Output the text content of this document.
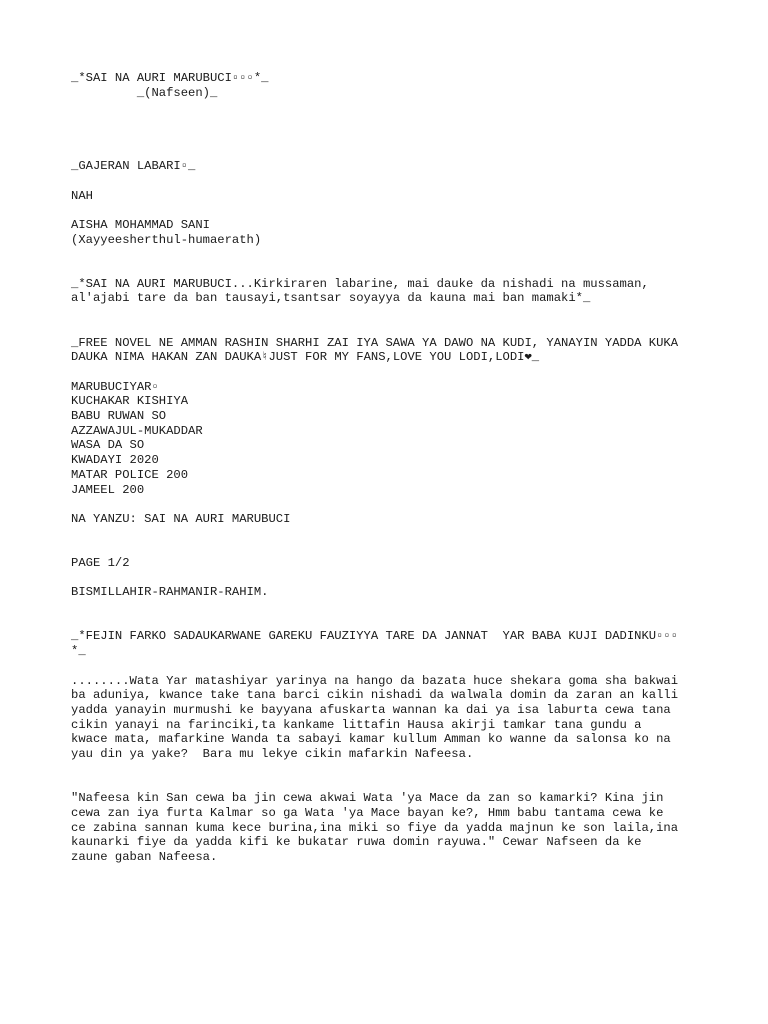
_*SAI NA AURI MARUBUCI▫▫▫*_
_(Nafseen)_
_GAJERAN LABARI▫_
NAH
AISHA MOHAMMAD SANI
(Xayyeesherthul-humaerath)
_*SAI NA AURI MARUBUCI...Kirkiraren labarine, mai dauke da nishadi na mussaman,
al'ajabi tare da ban tausayi,tsantsar soyayya da kauna mai ban mamaki*_
_FREE NOVEL NE AMMAN RASHIN SHARHI ZAI IYA SAWA YA DAWO NA KUDI, YANAYIN YADDA KUKA
DAUKA NIMA HAKAN ZAN DAUKA♮JUST FOR MY FANS,LOVE YOU LODI,LODI❤_
MARUBUCIYAR▫
KUCHAKAR KISHIYA
BABU RUWAN SO
AZZAWAJUL-MUKADDAR
WASA DA SO
KWADAYI 2020
MATAR POLICE 200
JAMEEL 200
NA YANZU: SAI NA AURI MARUBUCI
PAGE 1/2
BISMILLAHIR-RAHMANIR-RAHIM.
_*FEJIN FARKO SADAUKARWANE GAREKU FAUZIYYA TARE DA JANNAT  YAR BABA KUJI DADINKU▫▫▫
*_
........Wata Yar matashiyar yarinya na hango da bazata huce shekara goma sha bakwai
ba aduniya, kwance take tana barci cikin nishadi da walwala domin da zaran an kalli
yadda yanayin murmushi ke bayyana afuskarta wannan ka dai ya isa laburta cewa tana
cikin yanayi na farinciki,ta kankame littafin Hausa akirji tamkar tana gundu a
kwace mata, mafarkine Wanda ta sabayi kamar kullum Amman ko wanne da salonsa ko na
yau din ya yake?  Bara mu lekye cikin mafarkin Nafeesa.
"Nafeesa kin San cewa ba jin cewa akwai Wata 'ya Mace da zan so kamarki? Kina jin
cewa zan iya furta Kalmar so ga Wata 'ya Mace bayan ke?, Hmm babu tantama cewa ke
ce zabina sannan kuma kece burina,ina miki so fiye da yadda majnun ke son laila,ina
kaunarki fiye da yadda kifi ke bukatar ruwa domin rayuwa." Cewar Nafseen da ke
zaune gaban Nafeesa.
